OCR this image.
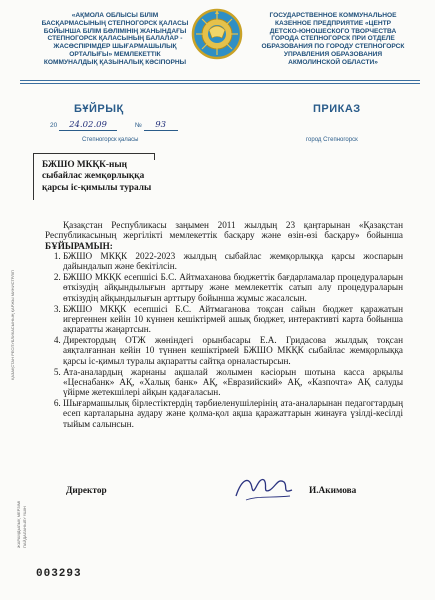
«АҚМОЛА ОБЛЫСЫ БІЛІМ
БАСҚАРМАСЫНЫҢ СТЕПНОГОРСК ҚАЛАСЫ
БОЙЫНША БІЛІМ БӨЛІМІНІҢ ЖАНЫНДАҒЫ
СТЕПНОГОРСК ҚАЛАСЫНЫҢ БАЛАЛАР -
ЖАСӨСПІРІМДЕР ШЫҒАРМАШЫЛЫҚ
ОРТАЛЫҒЫ» МЕМЛЕКЕТТІК
КОММУНАЛДЫҚ ҚАЗЫНАЛЫҚ КӘСІПОРНЫ
ГОСУДАРСТВЕННОЕ КОММУНАЛЬНОЕ
КАЗЕННОЕ ПРЕДПРИЯТИЕ «ЦЕНТР
ДЕТСКО-ЮНОШЕСКОГО ТВОРЧЕСТВА
ГОРОДА СТЕПНОГОРСК ПРИ ОТДЕЛЕ
ОБРАЗОВАНИЯ ПО ГОРОДУ СТЕПНОГОРСК
УПРАВЛЕНИЯ ОБРАЗОВАНИЯ
АКМОЛИНСКОЙ ОБЛАСТИ»
БҰЙРЫҚ	ПРИКАЗ
20 24.02.09	№ 93
Степногорск қаласы	город Степногорск
БЖШО МКҚК-ның
сыбайлас жемқорлыққа
қарсы іс-қимылы туралы

Қазақстан Республикасы заңымен 2011 жылдың 23 қаңтарынан «Қазақстан Республикасының жергілікті мемлекеттік басқару және өзін-өзі басқару» бойынша БҰЙЫРАМЫН:

1. БЖШО МКҚК 2022-2023 жылдың сыбайлас жемқорлыққа қарсы жоспарын дайындалып және бекітілсін.
2. БЖШО МКҚК есепшісі Б.С. Айтмаханова бюджеттік бағдарламалар процедураларын өткізудің айқындылығын арттыру және мемлекеттік сатып алу процедураларын өткізудің айқындылығын арттыру бойынша жұмыс жасалсын.
3. БЖШО МКҚК есепшісі Б.С. Айтмаганова тоқсан сайын бюджет қаражатын игергеннен кейін 10 күннен кешіктірмей ашық бюджет, интерактивті карта бойынша ақпаратты жаңартсын.
4. Директордың ОТЖ жөніндегі орынбасары Е.А. Гридасова жылдық тоқсан аяқталғаннан кейін 10 түннен кешіктірмей БЖШО МКҚК сыбайлас жемқорлыққа қарсы іс-қимыл туралы ақпаратты сайтқа орналастырсын.
5. Ата-аналардың жарнаны ақшалай жолымен кәсіорын шотына касса арқылы «Цеснабанк» АҚ, «Халық банк» АҚ, «Евразийский» АҚ, «Казпочта» АҚ салуды үйірме жетекшілері айқын қадағаласын.
6. Шығармашылық бірлестіктердің тәрбиеленушілерінің ата-аналарынан педагогтардың есеп карталарына аудару және қолма-қол ақша қаражаттарын жинауға үзілді-кесілді тыйым салынсын.
Директор	И.Акимова
ҚАЗАҚСТАН РЕСПУБЛИКАСЫНЫҢ ҚАРЖЫ МИНИСТРЛІГІ
ЖАРАМДЫЛЫҚ МЕРЗІМІ ПАЙДАЛАНЫЛУ ҮШІН
003293
